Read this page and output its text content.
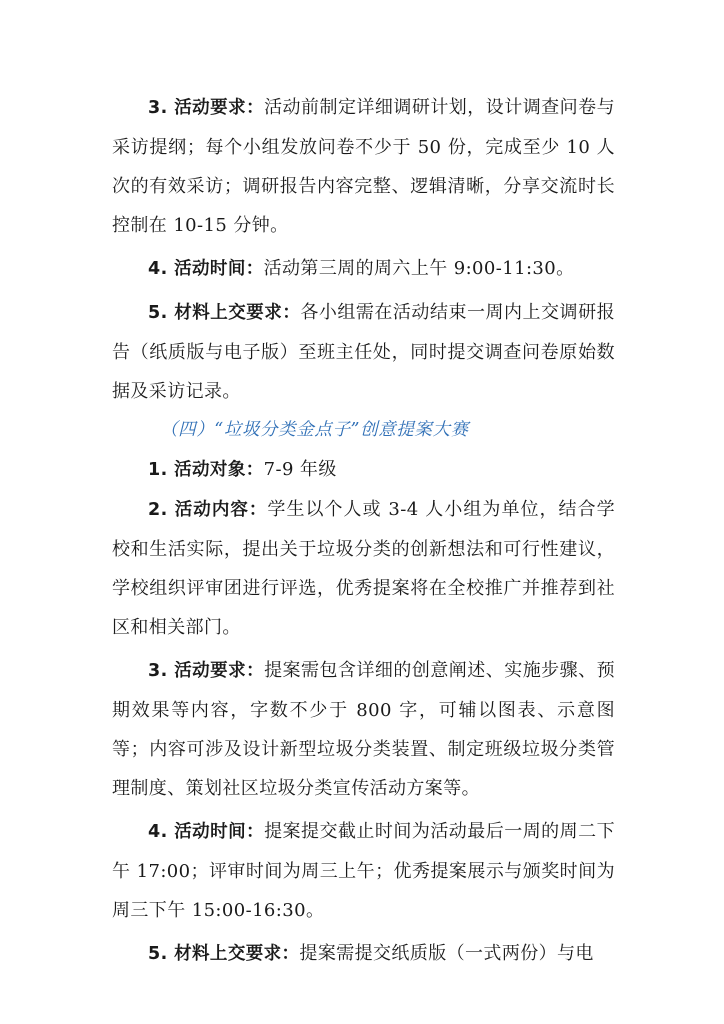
3. 活动要求：活动前制定详细调研计划，设计调查问卷与采访提纲；每个小组发放问卷不少于 50 份，完成至少 10 人次的有效采访；调研报告内容完整、逻辑清晰，分享交流时长控制在 10-15 分钟。

4. 活动时间：活动第三周的周六上午 9:00-11:30。

5. 材料上交要求：各小组需在活动结束一周内上交调研报告（纸质版与电子版）至班主任处，同时提交调查问卷原始数据及采访记录。

（四）“垃圾分类金点子”创意提案大赛

1. 活动对象：7-9 年级

2. 活动内容：学生以个人或 3-4 人小组为单位，结合学校和生活实际，提出关于垃圾分类的创新想法和可行性建议，学校组织评审团进行评选，优秀提案将在全校推广并推荐到社区和相关部门。

3. 活动要求：提案需包含详细的创意阐述、实施步骤、预期效果等内容，字数不少于 800 字，可辅以图表、示意图等；内容可涉及设计新型垃圾分类装置、制定班级垃圾分类管理制度、策划社区垃圾分类宣传活动方案等。

4. 活动时间：提案提交截止时间为活动最后一周的周二下午 17:00；评审时间为周三上午；优秀提案展示与颁奖时间为周三下午 15:00-16:30。

5. 材料上交要求：提案需提交纸质版（一式两份）与电
